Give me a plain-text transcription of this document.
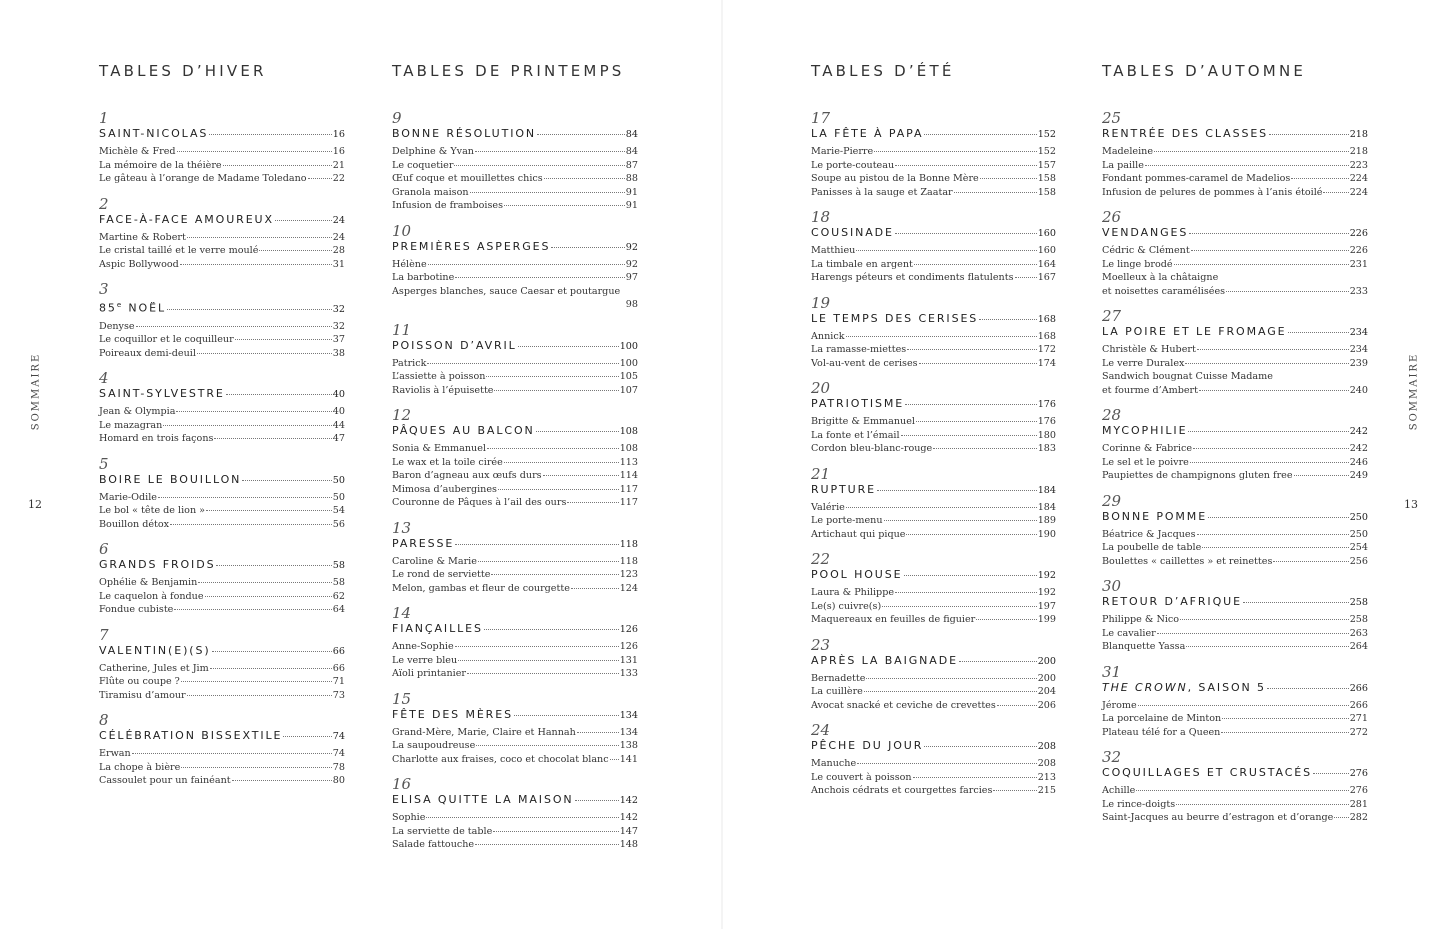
SOMMAIRE
12
TABLES D’HIVER
1
SAINT-NICOLAS	16
Michèle & Fred	16
La mémoire de la théière	21
Le gâteau à l’orange de Madame Toledano	22
2
FACE-À-FACE AMOUREUX	24
Martine & Robert	24
Le cristal taillé et le verre moulé	28
Aspic Bollywood	31
3
85e NOËL	32
Denyse	32
Le coquillor et le coquilleur	37
Poireaux demi-deuil	38
4
SAINT-SYLVESTRE	40
Jean & Olympia	40
Le mazagran	44
Homard en trois façons	47
5
BOIRE LE BOUILLON	50
Marie-Odile	50
Le bol « tête de lion »	54
Bouillon détox	56
6
GRANDS FROIDS	58
Ophélie & Benjamin	58
Le caquelon à fondue	62
Fondue cubiste	64
7
VALENTIN(E)(S)	66
Catherine, Jules et Jim	66
Flûte ou coupe ?	71
Tiramisu d’amour	73
8
CÉLÉBRATION BISSEXTILE	74
Erwan	74
La chope à bière	78
Cassoulet pour un fainéant	80
TABLES DE PRINTEMPS
9
BONNE RÉSOLUTION	84
Delphine & Yvan	84
Le coquetier	87
Œuf coque et mouillettes chics	88
Granola maison	91
Infusion de framboises	91
10
PREMIÈRES ASPERGES	92
Hélène	92
La barbotine	97
Asperges blanches, sauce Caesar et poutargue
98
11
POISSON D’AVRIL	100
Patrick	100
L’assiette à poisson	105
Raviolis à l’épuisette	107
12
PÂQUES AU BALCON	108
Sonia & Emmanuel	108
Le wax et la toile cirée	113
Baron d’agneau aux œufs durs	114
Mimosa d’aubergines	117
Couronne de Pâques à l’ail des ours	117
13
PARESSE	118
Caroline & Marie	118
Le rond de serviette	123
Melon, gambas et fleur de courgette	124
14
FIANÇAILLES	126
Anne-Sophie	126
Le verre bleu	131
Aïoli printanier	133
15
FÊTE DES MÈRES	134
Grand-Mère, Marie, Claire et Hannah	134
La saupoudreuse	138
Charlotte aux fraises, coco et chocolat blanc 141
16
ELISA QUITTE LA MAISON	142
Sophie	142
La serviette de table	147
Salade fattouche	148
SOMMAIRE
13
TABLES D’ÉTÉ
17
LA FÊTE À PAPA	152
Marie-Pierre	152
Le porte-couteau	157
Soupe au pistou de la Bonne Mère	158
Panisses à la sauge et Zaatar	158
18
COUSINADE	160
Matthieu	160
La timbale en argent	164
Harengs péteurs et condiments flatulents	167
19
LE TEMPS DES CERISES	168
Annick	168
La ramasse-miettes	172
Vol-au-vent de cerises	174
20
PATRIOTISME	176
Brigitte & Emmanuel	176
La fonte et l’émail	180
Cordon bleu-blanc-rouge	183
21
RUPTURE	184
Valérie	184
Le porte-menu	189
Artichaut qui pique	190
22
POOL HOUSE	192
Laura & Philippe	192
Le(s) cuivre(s)	197
Maquereaux en feuilles de figuier	199
23
APRÈS LA BAIGNADE	200
Bernadette	200
La cuillère	204
Avocat snacké et ceviche de crevettes	206
24
PÊCHE DU JOUR	208
Manuche	208
Le couvert à poisson	213
Anchois cédrats et courgettes farcies	215
TABLES D’AUTOMNE
25
RENTRÉE DES CLASSES	218
Madeleine	218
La paille	223
Fondant pommes-caramel de Madelios	224
Infusion de pelures de pommes à l’anis étoilé	224
26
VENDANGES	226
Cédric & Clément	226
Le linge brodé	231
Moelleux à la châtaigne
et noisettes caramélisées	233
27
LA POIRE ET LE FROMAGE	234
Christèle & Hubert	234
Le verre Duralex	239
Sandwich bougnat Cuisse Madame
et fourme d’Ambert	240
28
MYCOPHILIE	242
Corinne & Fabrice	242
Le sel et le poivre	246
Paupiettes de champignons gluten free	249
29
BONNE POMME	250
Béatrice & Jacques	250
La poubelle de table	254
Boulettes « caillettes » et reinettes	256
30
RETOUR D’AFRIQUE	258
Philippe & Nico	258
Le cavalier	263
Blanquette Yassa	264
31
THE CROWN , SAISON 5	266
Jérome	266
La porcelaine de Minton	271
Plateau télé for a Queen	272
32
COQUILLAGES ET CRUSTACÉS	276
Achille	276
Le rince-doigts	281
Saint-Jacques au beurre d’estragon et d’orange 282
